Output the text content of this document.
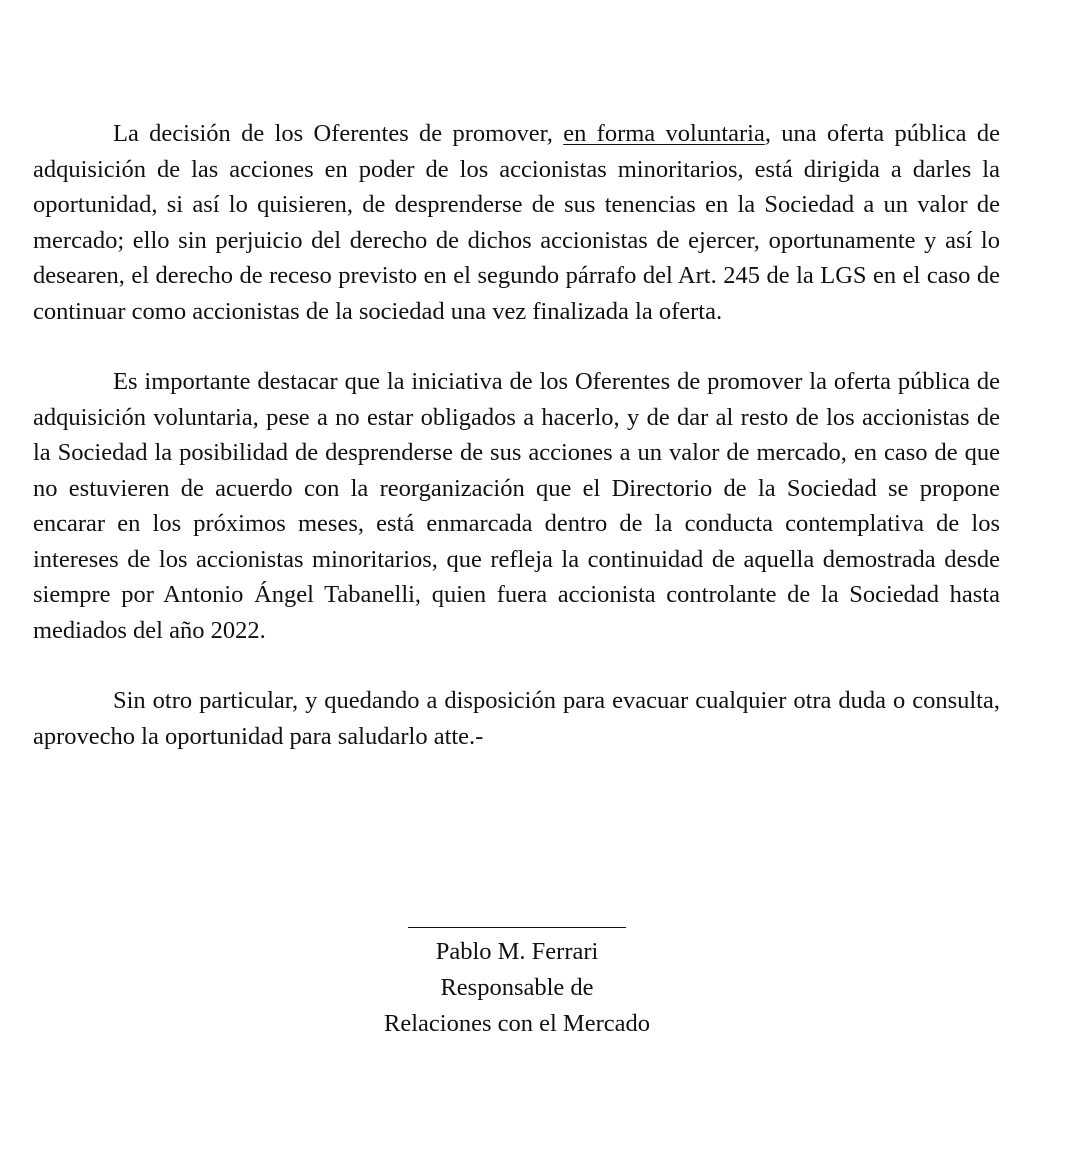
La decisión de los Oferentes de promover, en forma voluntaria, una oferta pública de adquisición de las acciones en poder de los accionistas minoritarios, está dirigida a darles la oportunidad, si así lo quisieren, de desprenderse de sus tenencias en la Sociedad a un valor de mercado; ello sin perjuicio del derecho de dichos accionistas de ejercer, oportunamente y así lo desearen, el derecho de receso previsto en el segundo párrafo del Art. 245 de la LGS en el caso de continuar como accionistas de la sociedad una vez finalizada la oferta.

Es importante destacar que la iniciativa de los Oferentes de promover la oferta pública de adquisición voluntaria, pese a no estar obligados a hacerlo, y de dar al resto de los accionistas de la Sociedad la posibilidad de desprenderse de sus acciones a un valor de mercado, en caso de que no estuvieren de acuerdo con la reorganización que el Directorio de la Sociedad se propone encarar en los próximos meses, está enmarcada dentro de la conducta contemplativa de los intereses de los accionistas minoritarios, que refleja la continuidad de aquella demostrada desde siempre por Antonio Ángel Tabanelli, quien fuera accionista controlante de la Sociedad hasta mediados del año 2022.

Sin otro particular, y quedando a disposición para evacuar cualquier otra duda o consulta, aprovecho la oportunidad para saludarlo atte.-

Pablo M. Ferrari
Responsable de
Relaciones con el Mercado
